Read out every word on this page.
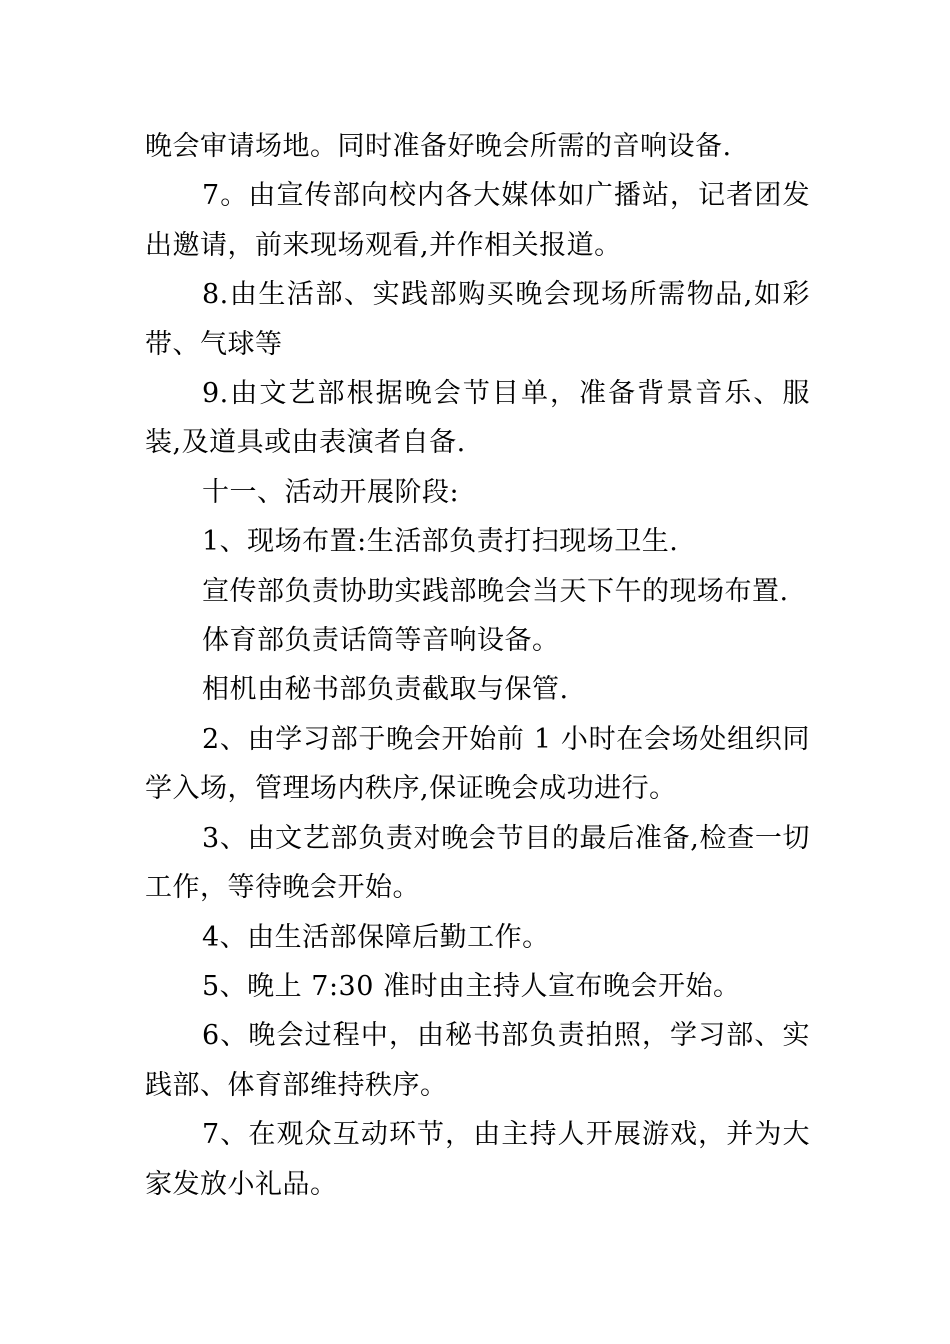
晚会审请场地。同时准备好晚会所需的音响设备.

7。由宣传部向校内各大媒体如广播站，记者团发出邀请，前来现场观看,并作相关报道。

8.由生活部、实践部购买晚会现场所需物品,如彩带、气球等

9.由文艺部根据晚会节目单，准备背景音乐、服装,及道具或由表演者自备.

十一、活动开展阶段:

1、现场布置:生活部负责打扫现场卫生.

宣传部负责协助实践部晚会当天下午的现场布置.

体育部负责话筒等音响设备。

相机由秘书部负责截取与保管.

2、由学习部于晚会开始前 1 小时在会场处组织同学入场，管理场内秩序,保证晚会成功进行。

3、由文艺部负责对晚会节目的最后准备,检查一切工作，等待晚会开始。

4、由生活部保障后勤工作。

5、晚上 7:30 准时由主持人宣布晚会开始。

6、晚会过程中，由秘书部负责拍照，学习部、实践部、体育部维持秩序。

7、在观众互动环节，由主持人开展游戏，并为大家发放小礼品。
